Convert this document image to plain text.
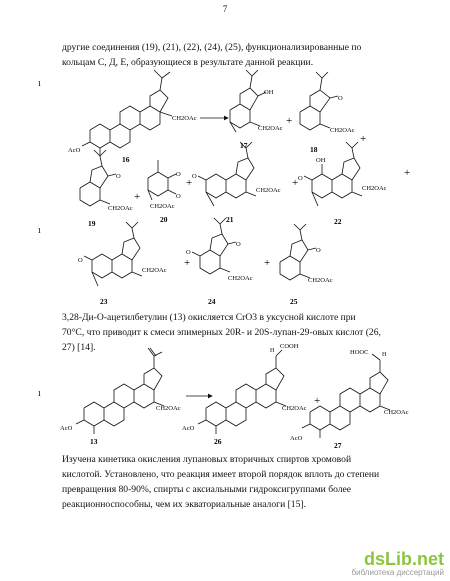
7
другие соединения (19), (21), (22), (24), (25), функционализированные по
кольцам С, Д, Е, образующиеся в результате данной реакции.
ı
ı
ı
AcO
CH2OAc
16
OH
CH2OAc
17
+
O
CH2OAc
18
+
O
CH2OAc
19
+
O
O
CH2OAc
20
+
O
CH2OAc
21
+
OH
O
CH2OAc
22
+
O
CH2OAc
23
+
O
O
CH2OAc
24
+
O
CH2OAc
25
AcO
CH2OAc
13
H
COOH
AcO
CH2OAc
26
+
HOOC H
AcO
CH2OAc
27
3,28-Ди-О-ацетилбетулин (13) окисляется CrO3 в уксусной кислоте при
70°C, что приводит к смеси эпимерных 20R- и 20S-лупан-29-овых кислот (26,
27) [14].
Изучена кинетика окисления лупановых вторичных спиртов хромовой
кислотой. Установлено, что реакция имеет второй порядок вплоть до степени
превращения 80-90%, спирты с аксиальными гидроксигруппами более
реакционноспособны, чем их экваториальные аналоги [15].
dsLib.net
библиотека диссертаций
